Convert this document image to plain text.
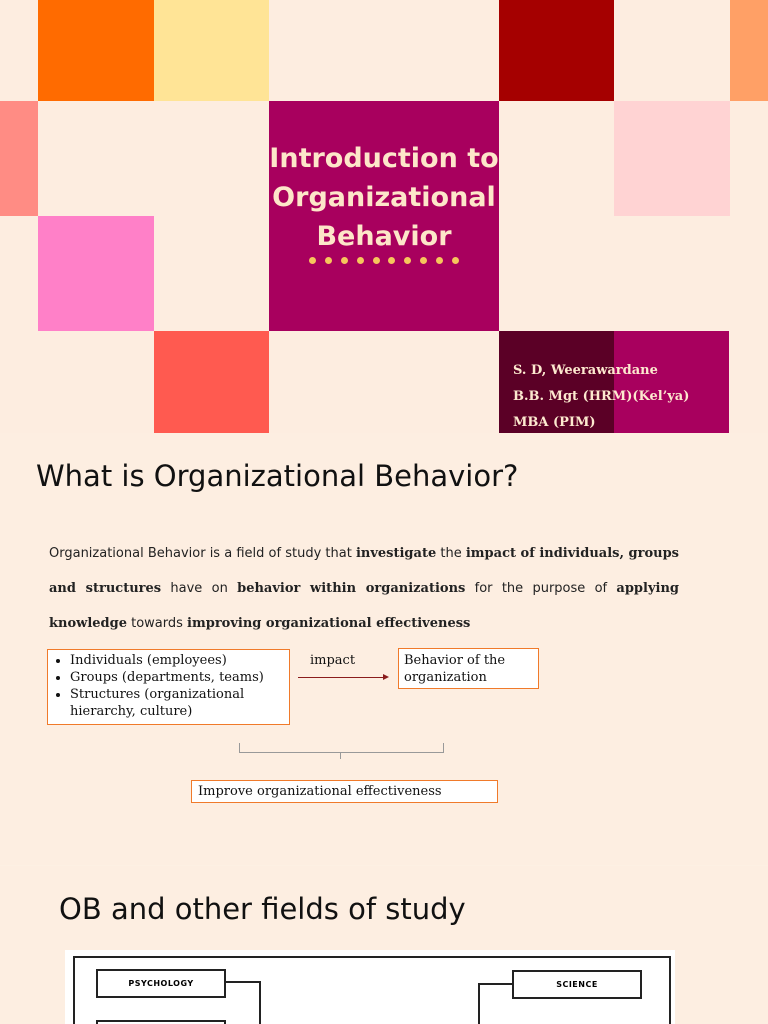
Introduction to
Organizational
Behavior
S. D, Weerawardane
B.B. Mgt (HRM)(Kel’ya)
MBA (PIM)
What is Organizational Behavior?
Organizational Behavior is a field of study that investigate the impact of individuals, groups and structures have on behavior within organizations for the purpose of applying knowledge towards improving organizational effectiveness
• Individuals (employees)
• Groups (departments, teams)
• Structures (organizational hierarchy, culture)
impact	Behavior of the organization
Improve organizational effectiveness
OB and other fields of study
PSYCHOLOGY	SCIENCE
